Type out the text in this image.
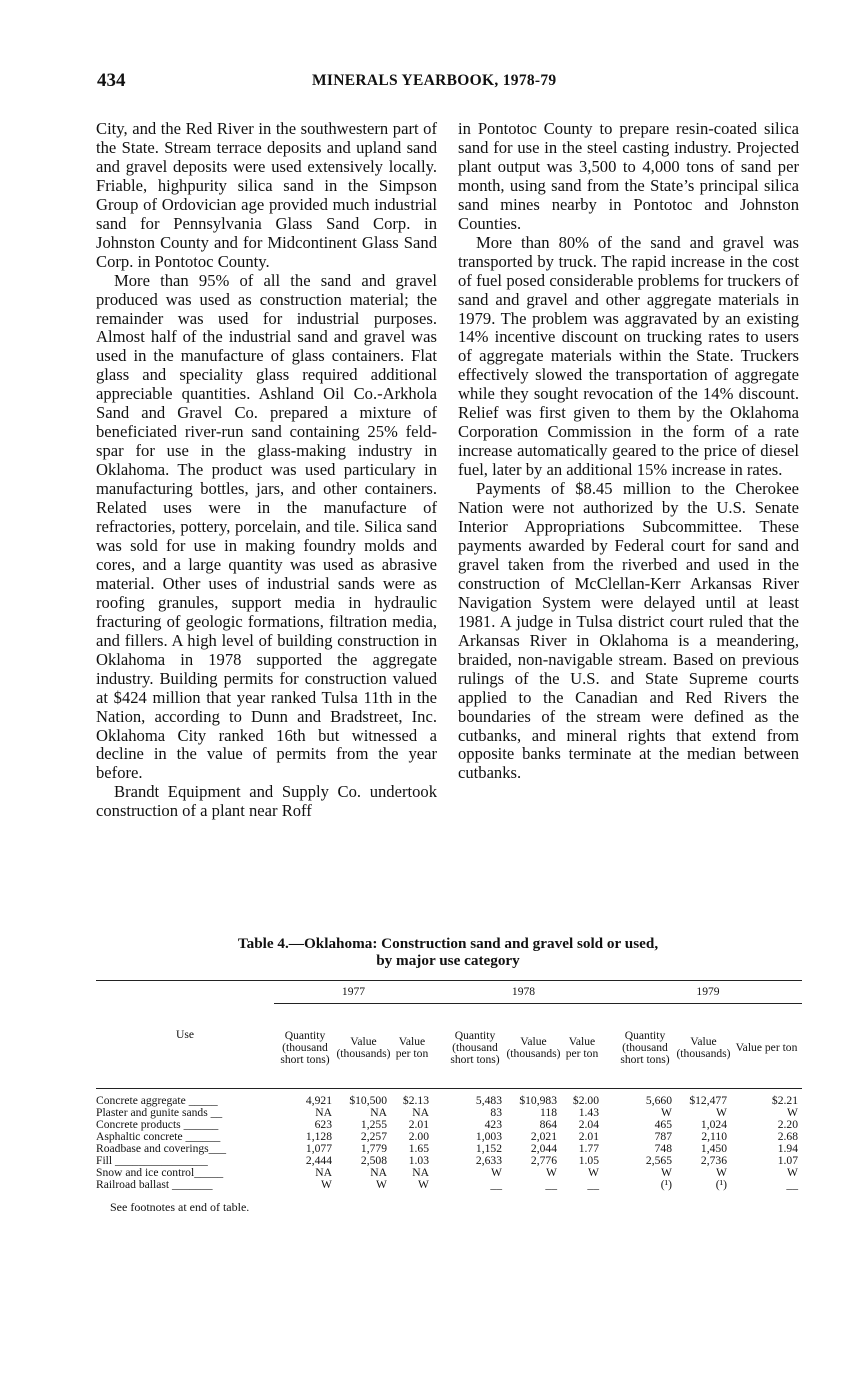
434	MINERALS YEARBOOK, 1978-79

City, and the Red River in the southwestern part of the State. Stream terrace deposits and upland sand and gravel deposits were used extensively locally. Friable, highpurity silica sand in the Simpson Group of Ordovician age provided much industrial sand for Pennsylvania Glass Sand Corp. in Johnston County and for Midcontinent Glass Sand Corp. in Pontotoc County.

More than 95% of all the sand and gravel produced was used as construction material; the remainder was used for industrial purposes. Almost half of the industrial sand and gravel was used in the manufacture of glass containers. Flat glass and speciality glass required additional appreciable quantities. Ashland Oil Co.-Arkhola Sand and Gravel Co. prepared a mixture of beneficiated river-run sand containing 25% feldspar for use in the glass-making industry in Oklahoma. The product was used particulary in manufacturing bottles, jars, and other containers. Related uses were in the manufacture of refractories, pottery, porcelain, and tile. Silica sand was sold for use in making foundry molds and cores, and a large quantity was used as abrasive material. Other uses of industrial sands were as roofing granules, support media in hydraulic fracturing of geologic formations, filtration media, and fillers. A high level of building construction in Oklahoma in 1978 supported the aggregate industry. Building permits for construction valued at $424 million that year ranked Tulsa 11th in the Nation, according to Dunn and Bradstreet, Inc. Oklahoma City ranked 16th but witnessed a decline in the value of permits from the year before.

Brandt Equipment and Supply Co. undertook construction of a plant near Roff

in Pontotoc County to prepare resin-coated silica sand for use in the steel casting industry. Projected plant output was 3,500 to 4,000 tons of sand per month, using sand from the State’s principal silica sand mines nearby in Pontotoc and Johnston Counties.

More than 80% of the sand and gravel was transported by truck. The rapid increase in the cost of fuel posed considerable problems for truckers of sand and gravel and other aggregate materials in 1979. The problem was aggravated by an existing 14% incentive discount on trucking rates to users of aggregate materials within the State. Truckers effectively slowed the transportation of aggregate while they sought revocation of the 14% discount. Relief was first given to them by the Oklahoma Corporation Commission in the form of a rate increase automatically geared to the price of diesel fuel, later by an additional 15% increase in rates.

Payments of $8.45 million to the Cherokee Nation were not authorized by the U.S. Senate Interior Appropriations Subcommittee. These payments awarded by Federal court for sand and gravel taken from the riverbed and used in the construction of McClellan-Kerr Arkansas River Navigation System were delayed until at least 1981. A judge in Tulsa district court ruled that the Arkansas River in Oklahoma is a meandering, braided, non-navigable stream. Based on previous rulings of the U.S. and State Supreme courts applied to the Canadian and Red Rivers the boundaries of the stream were defined as the cutbanks, and mineral rights that extend from opposite banks terminate at the median between cutbanks.

Table 4.—Oklahoma: Construction sand and gravel sold or used,
by major use category
Use	1977				1978				1979		
	Quantity (thousand short tons)	Value (thousands)	Value per ton		Quantity (thousand short tons)	Value (thousands)	Value per ton		Quantity (thousand short tons)	Value (thousands)	Value per ton

Concrete aggregate _____	4,921	$10,500	$2.13		5,483	$10,983	$2.00		5,660	$12,477	$2.21
Plaster and gunite sands __	NA	NA	NA		83	118	1.43		W	W	W
Concrete products ______	623	1,255	2.01		423	864	2.04		465	1,024	2.20
Asphaltic concrete ______	1,128	2,257	2.00		1,003	2,021	2.01		787	2,110	2.68
Roadbase and coverings___	1,077	1,779	1.65		1,152	2,044	1.77		748	1,450	1.94
Fill ________________	2,444	2,508	1.03		2,633	2,776	1.05		2,565	2,736	1.07
Snow and ice control_____	NA	NA	NA		W	W	W		W	W	W
Railroad ballast _______	W	W	W		__	__	__		(¹)	(¹)	__
See footnotes at end of table.
